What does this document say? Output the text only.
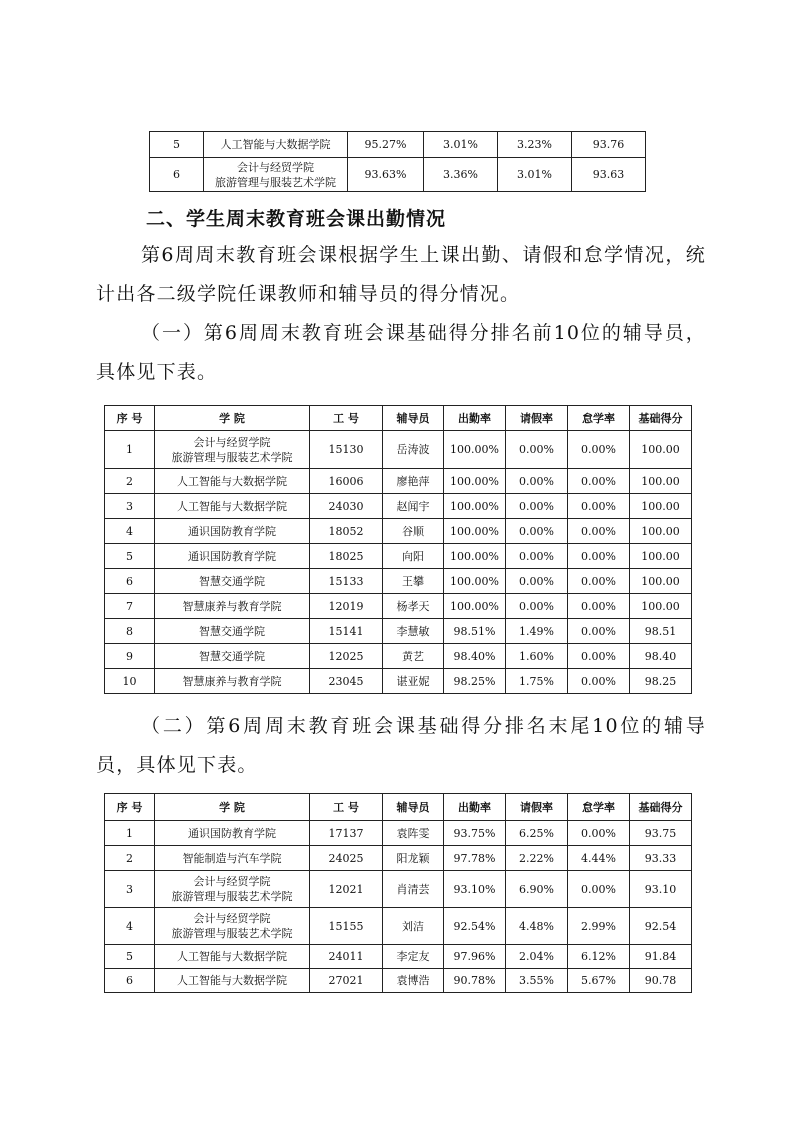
5	人工智能与大数据学院	95.27%	3.01%	3.23%	93.76
6	会计与经贸学院
旅游管理与服装艺术学院	93.63%	3.36%	3.01%	93.63
二、学生周末教育班会课出勤情况

第6周周末教育班会课根据学生上课出勤、请假和怠学情况，统计出各二级学院任课教师和辅导员的得分情况。

（一）第6周周末教育班会课基础得分排名前10位的辅导员，具体见下表。

序 号	学 院	工 号	辅导员	出勤率	请假率	怠学率	基础得分
1	会计与经贸学院
旅游管理与服装艺术学院	15130	岳涛波	100.00%	0.00%	0.00%	100.00
2	人工智能与大数据学院	16006	廖艳萍	100.00%	0.00%	0.00%	100.00
3	人工智能与大数据学院	24030	赵闻宇	100.00%	0.00%	0.00%	100.00
4	通识国防教育学院	18052	谷顺	100.00%	0.00%	0.00%	100.00
5	通识国防教育学院	18025	向阳	100.00%	0.00%	0.00%	100.00
6	智慧交通学院	15133	王攀	100.00%	0.00%	0.00%	100.00
7	智慧康养与教育学院	12019	杨孝天	100.00%	0.00%	0.00%	100.00
8	智慧交通学院	15141	李慧敏	98.51%	1.49%	0.00%	98.51
9	智慧交通学院	12025	黄艺	98.40%	1.60%	0.00%	98.40
10	智慧康养与教育学院	23045	谌亚妮	98.25%	1.75%	0.00%	98.25

（二）第6周周末教育班会课基础得分排名末尾10位的辅导员，具体见下表。

序 号	学 院	工 号	辅导员	出勤率	请假率	怠学率	基础得分
1	通识国防教育学院	17137	袁阵雯	93.75%	6.25%	0.00%	93.75
2	智能制造与汽车学院	24025	阳龙颖	97.78%	2.22%	4.44%	93.33
3	会计与经贸学院
旅游管理与服装艺术学院	12021	肖清芸	93.10%	6.90%	0.00%	93.10
4	会计与经贸学院
旅游管理与服装艺术学院	15155	刘洁	92.54%	4.48%	2.99%	92.54
5	人工智能与大数据学院	24011	李定友	97.96%	2.04%	6.12%	91.84
6	人工智能与大数据学院	27021	袁博浩	90.78%	3.55%	5.67%	90.78
